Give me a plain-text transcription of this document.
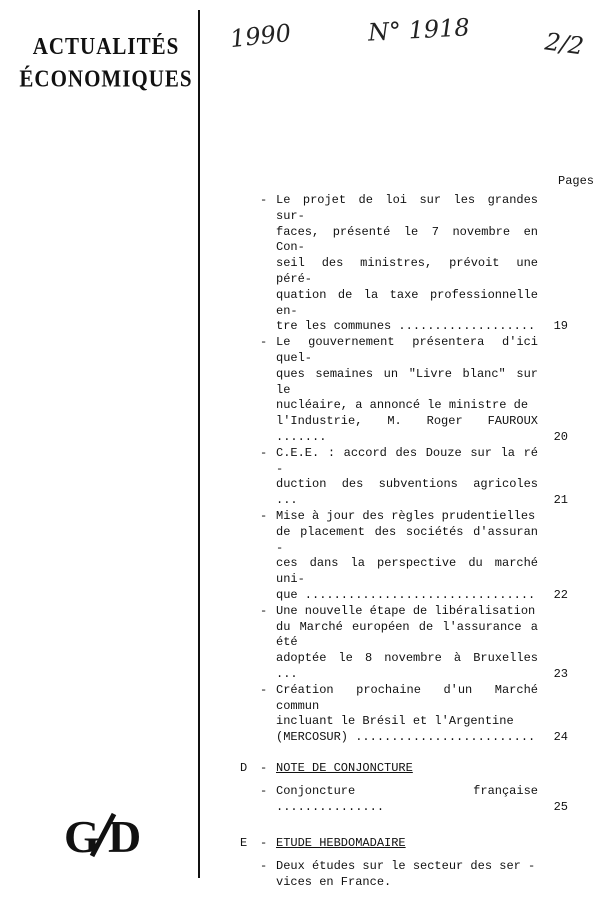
ACTUALITÉS
ÉCONOMIQUES
1990	N° 1918	2/2
Pages
- Le projet de loi sur les grandes sur-
faces, présenté le 7 novembre en Con-
seil des ministres, prévoit une péré-
quation de la taxe professionnelle en-
tre les communes ................... 19
- Le gouvernement présentera d'ici quel-
ques semaines un "Livre blanc" sur le
nucléaire, a annoncé le ministre de
l'Industrie, M. Roger FAUROUX .......	20
- C.E.E. : accord des Douze sur la ré -
duction des subventions agricoles ...	21
- Mise à jour des règles prudentielles
de placement des sociétés d'assuran -
ces dans la perspective du marché uni-
que ................................ 22
- Une nouvelle étape de libéralisation
du Marché européen de l'assurance a été
adoptée le 8 novembre à Bruxelles ...	23
- Création prochaine d'un Marché commun
incluant le Brésil et l'Argentine
(MERCOSUR) ......................... 24
D - NOTE DE CONJONCTURE
- Conjoncture française ...............	25
E - ETUDE HEBDOMADAIRE
- Deux études sur le secteur des ser -
vices en France.
G D
